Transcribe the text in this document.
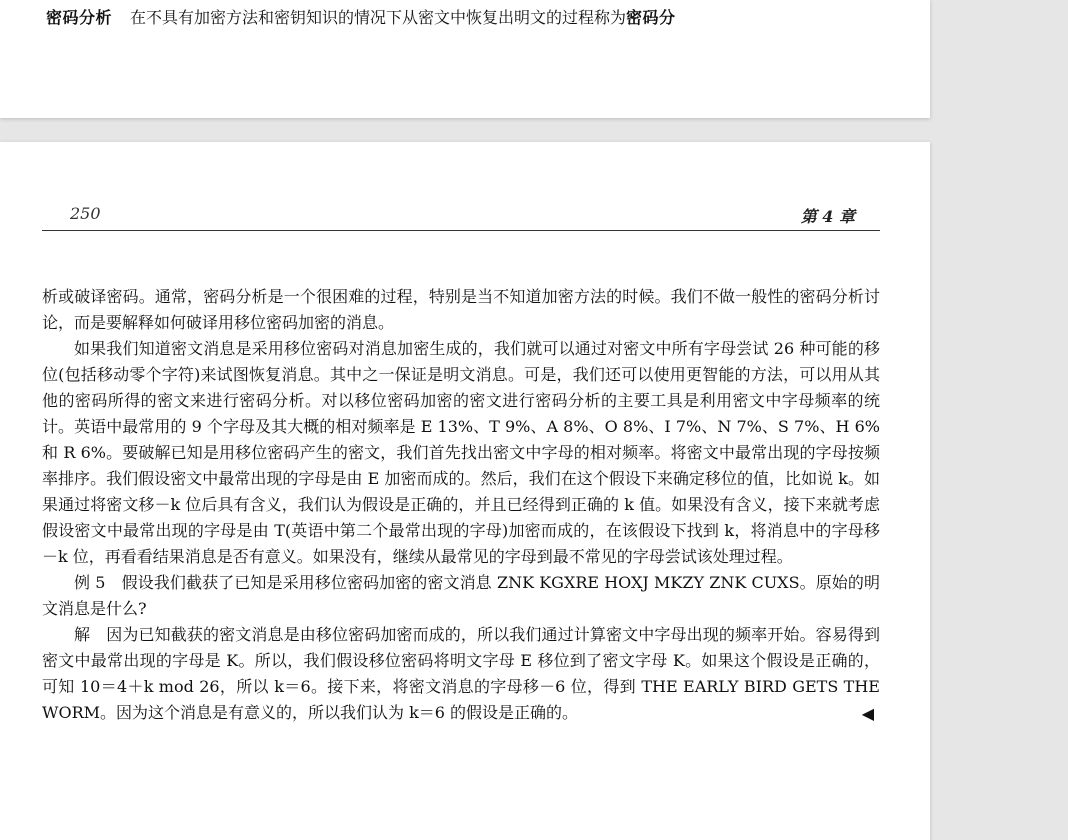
密码分析 在不具有加密方法和密钥知识的情况下从密文中恢复出明文的过程称为密码分
250	第 4 章

析或破译密码。通常，密码分析是一个很困难的过程，特别是当不知道加密方法的时候。我们不做一般性的密码分析讨论，而是要解释如何破译用移位密码加密的消息。

如果我们知道密文消息是采用移位密码对消息加密生成的，我们就可以通过对密文中所有字母尝试 26 种可能的移位(包括移动零个字符)来试图恢复消息。其中之一保证是明文消息。可是，我们还可以使用更智能的方法，可以用从其他的密码所得的密文来进行密码分析。对以移位密码加密的密文进行密码分析的主要工具是利用密文中字母频率的统计。英语中最常用的 9 个字母及其大概的相对频率是 E 13%、T 9%、A 8%、O 8%、I 7%、N 7%、S 7%、H 6%和 R 6%。要破解已知是用移位密码产生的密文，我们首先找出密文中字母的相对频率。将密文中最常出现的字母按频率排序。我们假设密文中最常出现的字母是由 E 加密而成的。然后，我们在这个假设下来确定移位的值，比如说 k。如果通过将密文移－k 位后具有含义，我们认为假设是正确的，并且已经得到正确的 k 值。如果没有含义，接下来就考虑假设密文中最常出现的字母是由 T(英语中第二个最常出现的字母)加密而成的，在该假设下找到 k，将消息中的字母移－k 位，再看看结果消息是否有意义。如果没有，继续从最常见的字母到最不常见的字母尝试该处理过程。

例 5　假设我们截获了已知是采用移位密码加密的密文消息 ZNK KGXRE HOXJ MKZY ZNK CUXS。原始的明文消息是什么?

解　因为已知截获的密文消息是由移位密码加密而成的，所以我们通过计算密文中字母出现的频率开始。容易得到密文中最常出现的字母是 K。所以，我们假设移位密码将明文字母 E 移位到了密文字母 K。如果这个假设是正确的，可知 10＝4＋k mod 26，所以 k＝6。接下来，将密文消息的字母移－6 位，得到 THE EARLY BIRD GETS THE WORM。因为这个消息是有意义的，所以我们认为 k＝6 的假设是正确的。	◀
